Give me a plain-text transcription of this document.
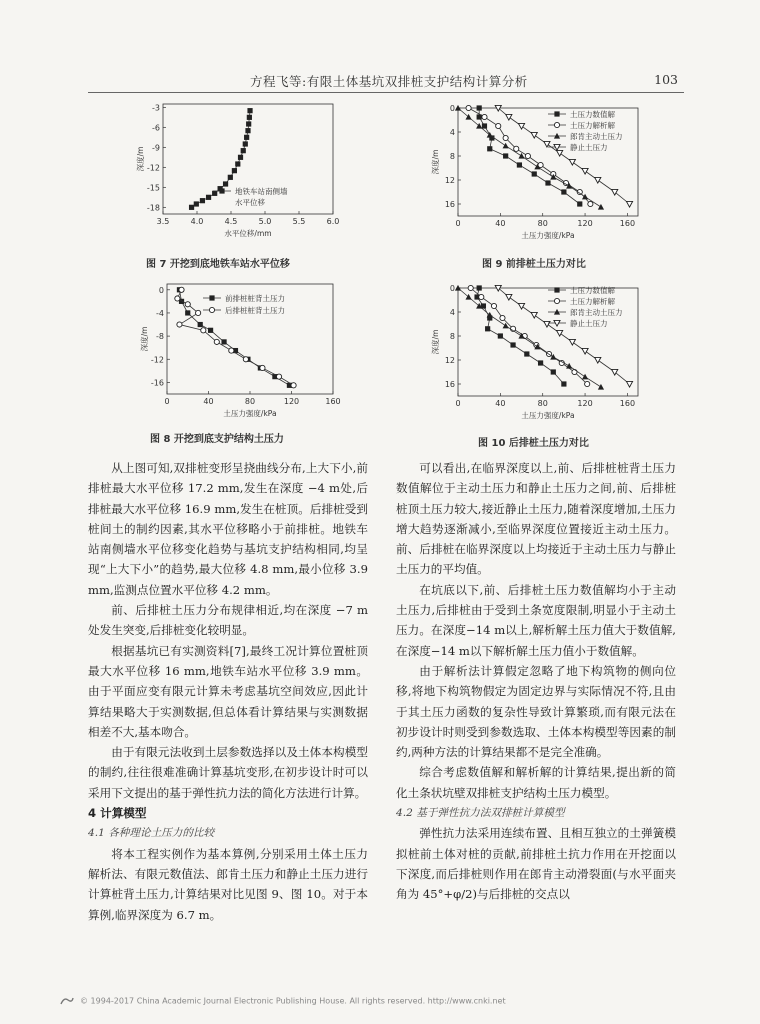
方程飞等:有限土体基坑双排桩支护结构计算分析	103
3.5	4.0	4.5	5.0	5.5	6.0
-3
-6
-9
-12
-15
-18
水平位移/mm
深度/m
地铁车站南侧墙
水平位移
图 7 开挖到底地铁车站水平位移
0	40	80	120	160
0
-4
-8
-12
-16
土压力强度/kPa
深度/m
前排桩桩背土压力
后排桩桩背土压力
图 8 开挖到底支护结构土压力
0	40	80	120	160
0
4
8
12
16
土压力强度/kPa
深度/m
土压力数值解
土压力解析解
郎肯主动土压力
静止土压力
图 9 前排桩土压力对比
0	40	80	120	160
0
4
8
12
16
土压力强度/kPa
深度/m
土压力数值解
土压力解析解
郎肯主动土压力
静止土压力
图 10 后排桩土压力对比

从上图可知,双排桩变形呈挠曲线分布,上大下小,前排桩最大水平位移 17.2 mm,发生在深度 −4 m处,后排桩最大水平位移 16.9 mm,发生在桩顶。后排桩受到桩间土的制约因素,其水平位移略小于前排桩。地铁车站南侧墙水平位移变化趋势与基坑支护结构相同,均呈现“上大下小”的趋势,最大位移 4.8 mm,最小位移 3.9 mm,监测点位置水平位移 4.2 mm。

前、后排桩土压力分布规律相近,均在深度 −7 m处发生突变,后排桩变化较明显。

根据基坑已有实测资料[7],最终工况计算位置桩顶最大水平位移 16 mm,地铁车站水平位移 3.9 mm。由于平面应变有限元计算未考虑基坑空间效应,因此计算结果略大于实测数据,但总体看计算结果与实测数据相差不大,基本吻合。

由于有限元法收到土层参数选择以及土体本构模型的制约,往往很难准确计算基坑变形,在初步设计时可以采用下文提出的基于弹性抗力法的简化方法进行计算。

4 计算模型

4.1 各种理论土压力的比较

将本工程实例作为基本算例,分别采用土体土压力解析法、有限元数值法、郎肯土压力和静止土压力进行计算桩背土压力,计算结果对比见图 9、图 10。对于本算例,临界深度为 6.7 m。

可以看出,在临界深度以上,前、后排桩桩背土压力数值解位于主动土压力和静止土压力之间,前、后排桩桩顶土压力较大,接近静止土压力,随着深度增加,土压力增大趋势逐渐减小,至临界深度位置接近主动土压力。前、后排桩在临界深度以上均接近于主动土压力与静止土压力的平均值。

在坑底以下,前、后排桩土压力数值解均小于主动土压力,后排桩由于受到土条宽度限制,明显小于主动土压力。在深度−14 m以上,解析解土压力值大于数值解,在深度−14 m以下解析解土压力值小于数值解。

由于解析法计算假定忽略了地下构筑物的侧向位移,将地下构筑物假定为固定边界与实际情况不符,且由于其土压力函数的复杂性导致计算繁琐,而有限元法在初步设计时则受到参数选取、土体本构模型等因素的制约,两种方法的计算结果都不是完全准确。

综合考虑数值解和解析解的计算结果,提出新的简化土条状坑壁双排桩支护结构土压力模型。

4.2 基于弹性抗力法双排桩计算模型

弹性抗力法采用连续布置、且相互独立的土弹簧模拟桩前土体对桩的贡献,前排桩土抗力作用在开挖面以下深度,而后排桩则作用在郎肯主动滑裂面(与水平面夹角为 45°+φ/2)与后排桩的交点以

© 1994-2017 China Academic Journal Electronic Publishing House. All rights reserved. http://www.cnki.net
